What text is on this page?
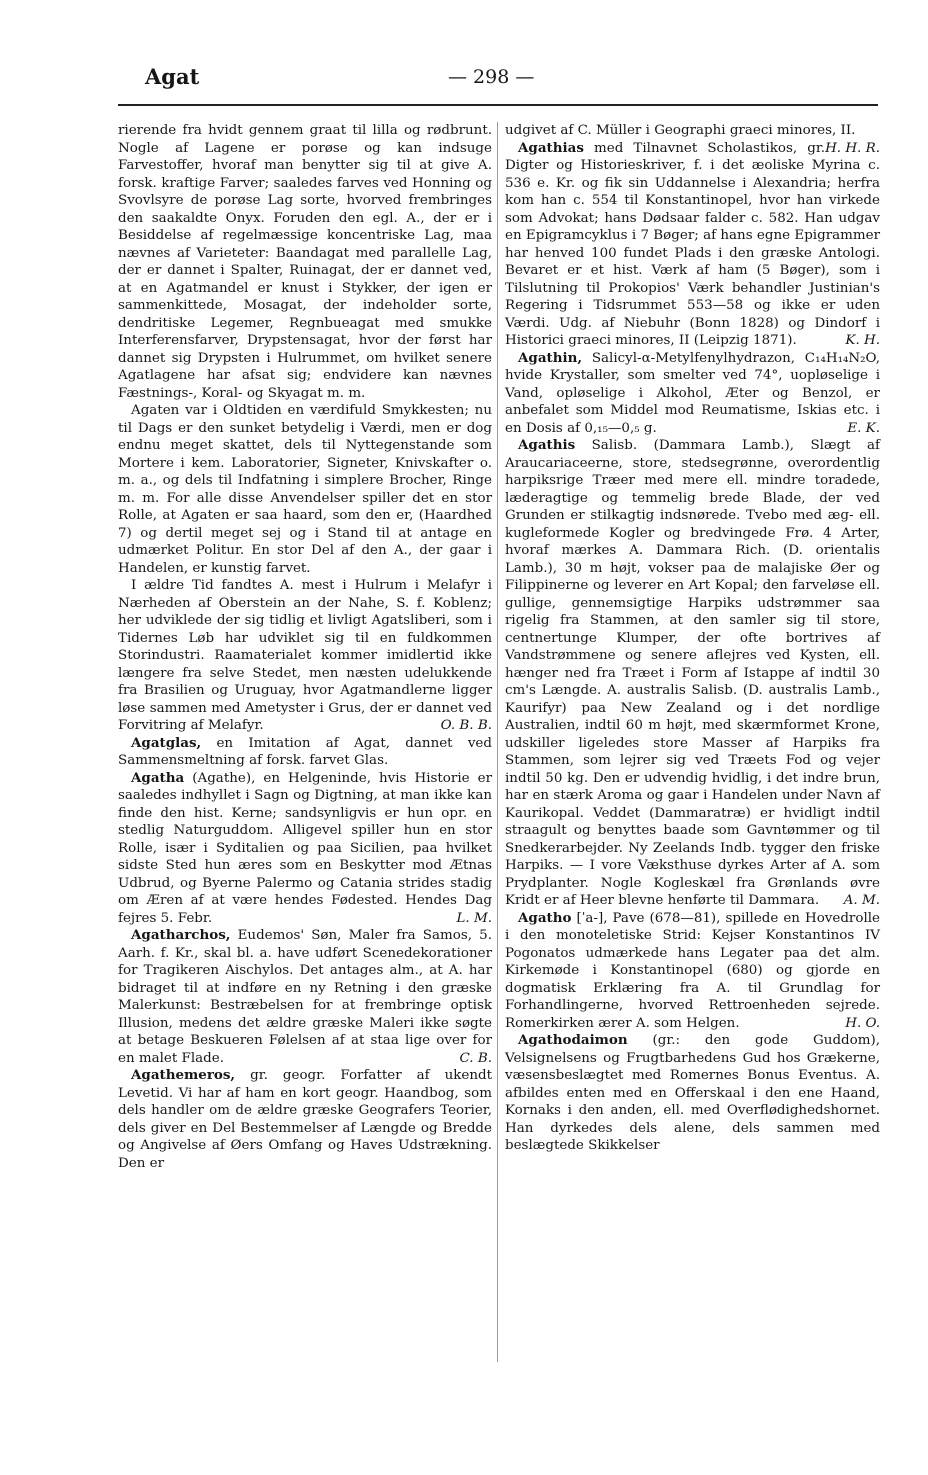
Agat	— 298 —

rierende fra hvidt gennem graat til lilla og rødbrunt. Nogle af Lagene er porøse og kan indsuge Farvestoffer, hvoraf man benytter sig til at give A. forsk. kraftige Farver; saaledes farves ved Honning og Svovlsyre de porøse Lag sorte, hvorved frembringes den saakaldte Onyx. Foruden den egl. A., der er i Besiddelse af regelmæssige koncentriske Lag, maa nævnes af Varieteter: Baandagat med parallelle Lag, der er dannet i Spalter, Ruinagat, der er dannet ved, at en Agatmandel er knust i Stykker, der igen er sammenkittede, Mosagat, der indeholder sorte, dendritiske Legemer, Regnbueagat med smukke Interferensfarver, Drypstensagat, hvor der først har dannet sig Drypsten i Hulrummet, om hvilket senere Agatlagene har afsat sig; endvidere kan nævnes Fæstnings-, Koral- og Skyagat m. m.

Agaten var i Oldtiden en værdifuld Smykkesten; nu til Dags er den sunket betydelig i Værdi, men er dog endnu meget skattet, dels til Nyttegenstande som Mortere i kem. Laboratorier, Signeter, Knivskafter o. m. a., og dels til Indfatning i simplere Brocher, Ringe m. m. For alle disse Anvendelser spiller det en stor Rolle, at Agaten er saa haard, som den er, (Haardhed 7) og dertil meget sej og i Stand til at antage en udmærket Politur. En stor Del af den A., der gaar i Handelen, er kunstig farvet.

I ældre Tid fandtes A. mest i Hulrum i Melafyr i Nærheden af Oberstein an der Nahe, S. f. Koblenz; her udviklede der sig tidlig et livligt Agatsliberi, som i Tidernes Løb har udviklet sig til en fuldkommen Storindustri. Raamaterialet kommer imidlertid ikke længere fra selve Stedet, men næsten udelukkende fra Brasilien og Uruguay, hvor Agatmandlerne ligger løse sammen med Ametyster i Grus, der er dannet ved Forvitring af Melafyr.	O. B. B.

Agatglas, en Imitation af Agat, dannet ved Sammensmeltning af forsk. farvet Glas.

Agatha (Agathe), en Helgeninde, hvis Historie er saaledes indhyllet i Sagn og Digtning, at man ikke kan finde den hist. Kerne; sandsynligvis er hun opr. en stedlig Naturguddom. Alligevel spiller hun en stor Rolle, især i Syditalien og paa Sicilien, paa hvilket sidste Sted hun æres som en Beskytter mod Ætnas Udbrud, og Byerne Palermo og Catania strides stadig om Æren af at være hendes Fødested. Hendes Dag fejres 5. Febr.	L. M.

Agatharchos, Eudemos' Søn, Maler fra Samos, 5. Aarh. f. Kr., skal bl. a. have udført Scenedekorationer for Tragikeren Aischylos. Det antages alm., at A. har bidraget til at indføre en ny Retning i den græske Malerkunst: Bestræbelsen for at frembringe optisk Illusion, medens det ældre græske Maleri ikke søgte at betage Beskueren Følelsen af at staa lige over for en malet Flade.	C. B.

Agathemeros, gr. geogr. Forfatter af ukendt Levetid. Vi har af ham en kort geogr. Haandbog, som dels handler om de ældre græske Geografers Teorier, dels giver en Del Bestemmelser af Længde og Bredde og Angivelse af Øers Omfang og Haves Udstrækning. Den er

udgivet af C. Müller i Geographi graeci minores, II.
H. H. R.

Agathias med Tilnavnet Scholastikos, gr. Digter og Historieskriver, f. i det æoliske Myrina c. 536 e. Kr. og fik sin Uddannelse i Alexandria; herfra kom han c. 554 til Konstantinopel, hvor han virkede som Advokat; hans Dødsaar falder c. 582. Han udgav en Epigramcyklus i 7 Bøger; af hans egne Epigrammer har henved 100 fundet Plads i den græske Antologi. Bevaret er et hist. Værk af ham (5 Bøger), som i Tilslutning til Prokopios' Værk behandler Justinian's Regering i Tidsrummet 553—58 og ikke er uden Værdi. Udg. af Niebuhr (Bonn 1828) og Dindorf i Historici graeci minores, II (Leipzig 1871).	K. H.

Agathin, Salicyl-α-Metylfenylhydrazon, C₁₄H₁₄N₂O, hvide Krystaller, som smelter ved 74°, uopløselige i Vand, opløselige i Alkohol, Æter og Benzol, er anbefalet som Middel mod Reumatisme, Iskias etc. i en Dosis af 0,₁₅—0,₅ g.	E. K.

Agathis Salisb. (Dammara Lamb.), Slægt af Araucariaceerne, store, stedsegrønne, overordentlig harpiksrige Træer med mere ell. mindre toradede, læderagtige og temmelig brede Blade, der ved Grunden er stilkagtig indsnørede. Tvebo med æg- ell. kugleformede Kogler og bredvingede Frø. 4 Arter, hvoraf mærkes A. Dammara Rich. (D. orientalis Lamb.), 30 m højt, vokser paa de malajiske Øer og Filippinerne og leverer en Art Kopal; den farveløse ell. gullige, gennemsigtige Harpiks udstrømmer saa rigelig fra Stammen, at den samler sig til store, centnertunge Klumper, der ofte bortrives af Vandstrømmene og senere aflejres ved Kysten, ell. hænger ned fra Træet i Form af Istappe af indtil 30 cm's Længde. A. australis Salisb. (D. australis Lamb., Kaurifyr) paa New Zealand og i det nordlige Australien, indtil 60 m højt, med skærmformet Krone, udskiller ligeledes store Masser af Harpiks fra Stammen, som lejrer sig ved Træets Fod og vejer indtil 50 kg. Den er udvendig hvidlig, i det indre brun, har en stærk Aroma og gaar i Handelen under Navn af Kaurikopal. Veddet (Dammaratræ) er hvidligt indtil straagult og benyttes baade som Gavntømmer og til Snedkerarbejder. Ny Zeelands Indb. tygger den friske Harpiks. — I vore Væksthuse dyrkes Arter af A. som Prydplanter. Nogle Kogleskæl fra Grønlands øvre Kridt er af Heer blevne henførte til Dammara.	A. M.

Agatho [ˈa-], Pave (678—81), spillede en Hovedrolle i den monoteletiske Strid: Kejser Konstantinos IV Pogonatos udmærkede hans Legater paa det alm. Kirkemøde i Konstantinopel (680) og gjorde en dogmatisk Erklæring fra A. til Grundlag for Forhandlingerne, hvorved Rettroenheden sejrede. Romerkirken ærer A. som Helgen.	H. O.

Agathodaimon (gr.: den gode Guddom), Velsignelsens og Frugtbarhedens Gud hos Grækerne, væsensbeslægtet med Romernes Bonus Eventus. A. afbildes enten med en Offerskaal i den ene Haand, Kornaks i den anden, ell. med Overflødighedshornet. Han dyrkedes dels alene, dels sammen med beslægtede Skikkelser
